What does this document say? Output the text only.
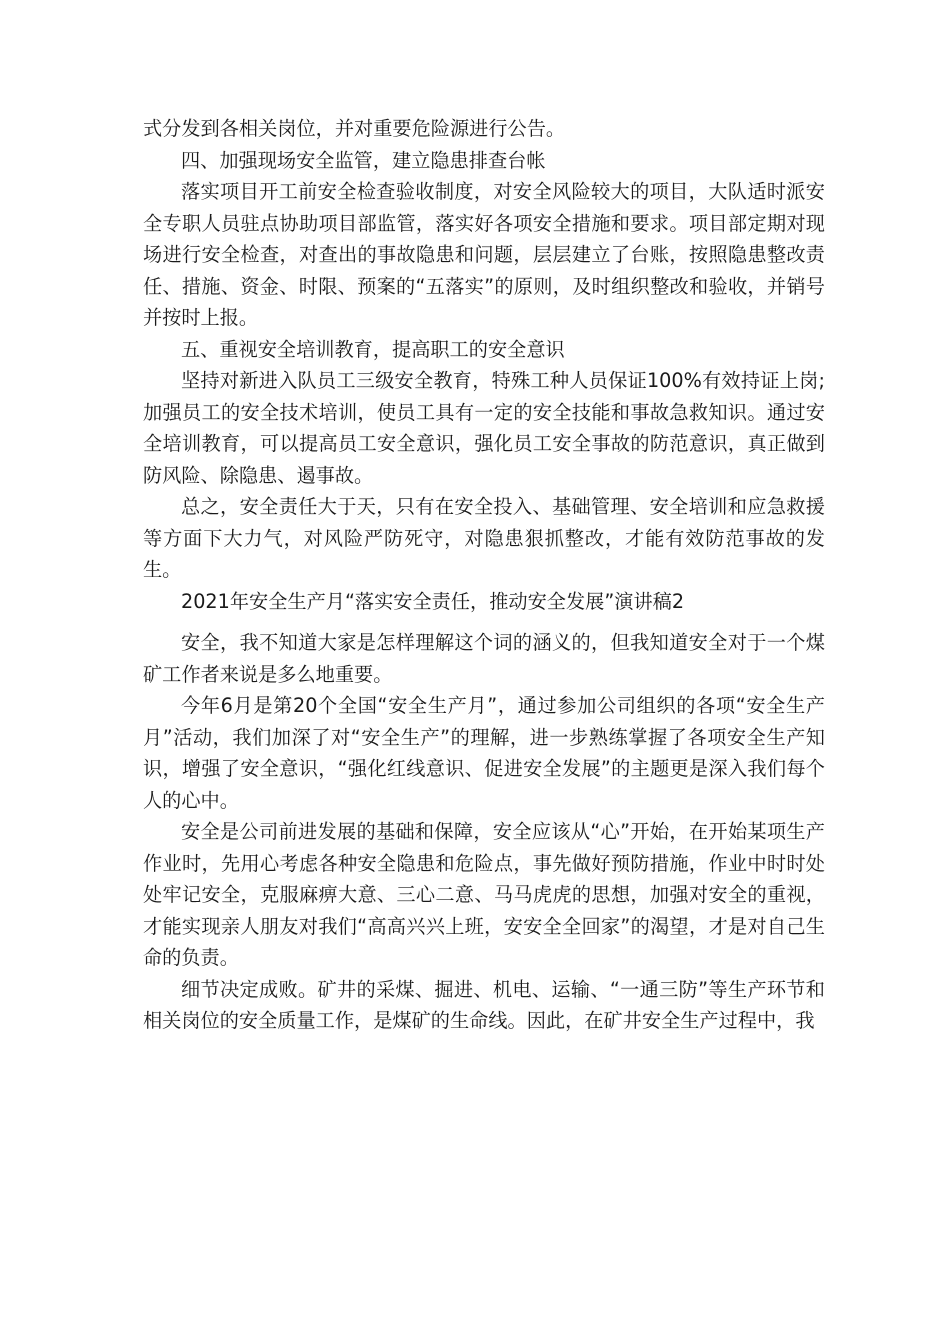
式分发到各相关岗位，并对重要危险源进行公告。

四、加强现场安全监管，建立隐患排查台帐

落实项目开工前安全检查验收制度，对安全风险较大的项目，大队适时派安全专职人员驻点协助项目部监管，落实好各项安全措施和要求。项目部定期对现场进行安全检查，对查出的事故隐患和问题，层层建立了台账，按照隐患整改责任、措施、资金、时限、预案的“五落实”的原则，及时组织整改和验收，并销号并按时上报。

五、重视安全培训教育，提高职工的安全意识

坚持对新进入队员工三级安全教育，特殊工种人员保证100%有效持证上岗;加强员工的安全技术培训，使员工具有一定的安全技能和事故急救知识。通过安全培训教育，可以提高员工安全意识，强化员工安全事故的防范意识，真正做到防风险、除隐患、遏事故。

总之，安全责任大于天，只有在安全投入、基础管理、安全培训和应急救援等方面下大力气，对风险严防死守，对隐患狠抓整改，才能有效防范事故的发生。

2021年安全生产月“落实安全责任，推动安全发展”演讲稿2

安全，我不知道大家是怎样理解这个词的涵义的，但我知道安全对于一个煤矿工作者来说是多么地重要。

今年6月是第20个全国“安全生产月”，通过参加公司组织的各项“安全生产月”活动，我们加深了对“安全生产”的理解，进一步熟练掌握了各项安全生产知识，增强了安全意识，“强化红线意识、促进安全发展”的主题更是深入我们每个人的心中。

安全是公司前进发展的基础和保障，安全应该从“心”开始，在开始某项生产作业时，先用心考虑各种安全隐患和危险点，事先做好预防措施，作业中时时处处牢记安全，克服麻痹大意、三心二意、马马虎虎的思想，加强对安全的重视，才能实现亲人朋友对我们“高高兴兴上班，安安全全回家”的渴望，才是对自己生命的负责。

细节决定成败。矿井的采煤、掘进、机电、运输、“一通三防”等生产环节和相关岗位的安全质量工作，是煤矿的生命线。因此，在矿井安全生产过程中，我
